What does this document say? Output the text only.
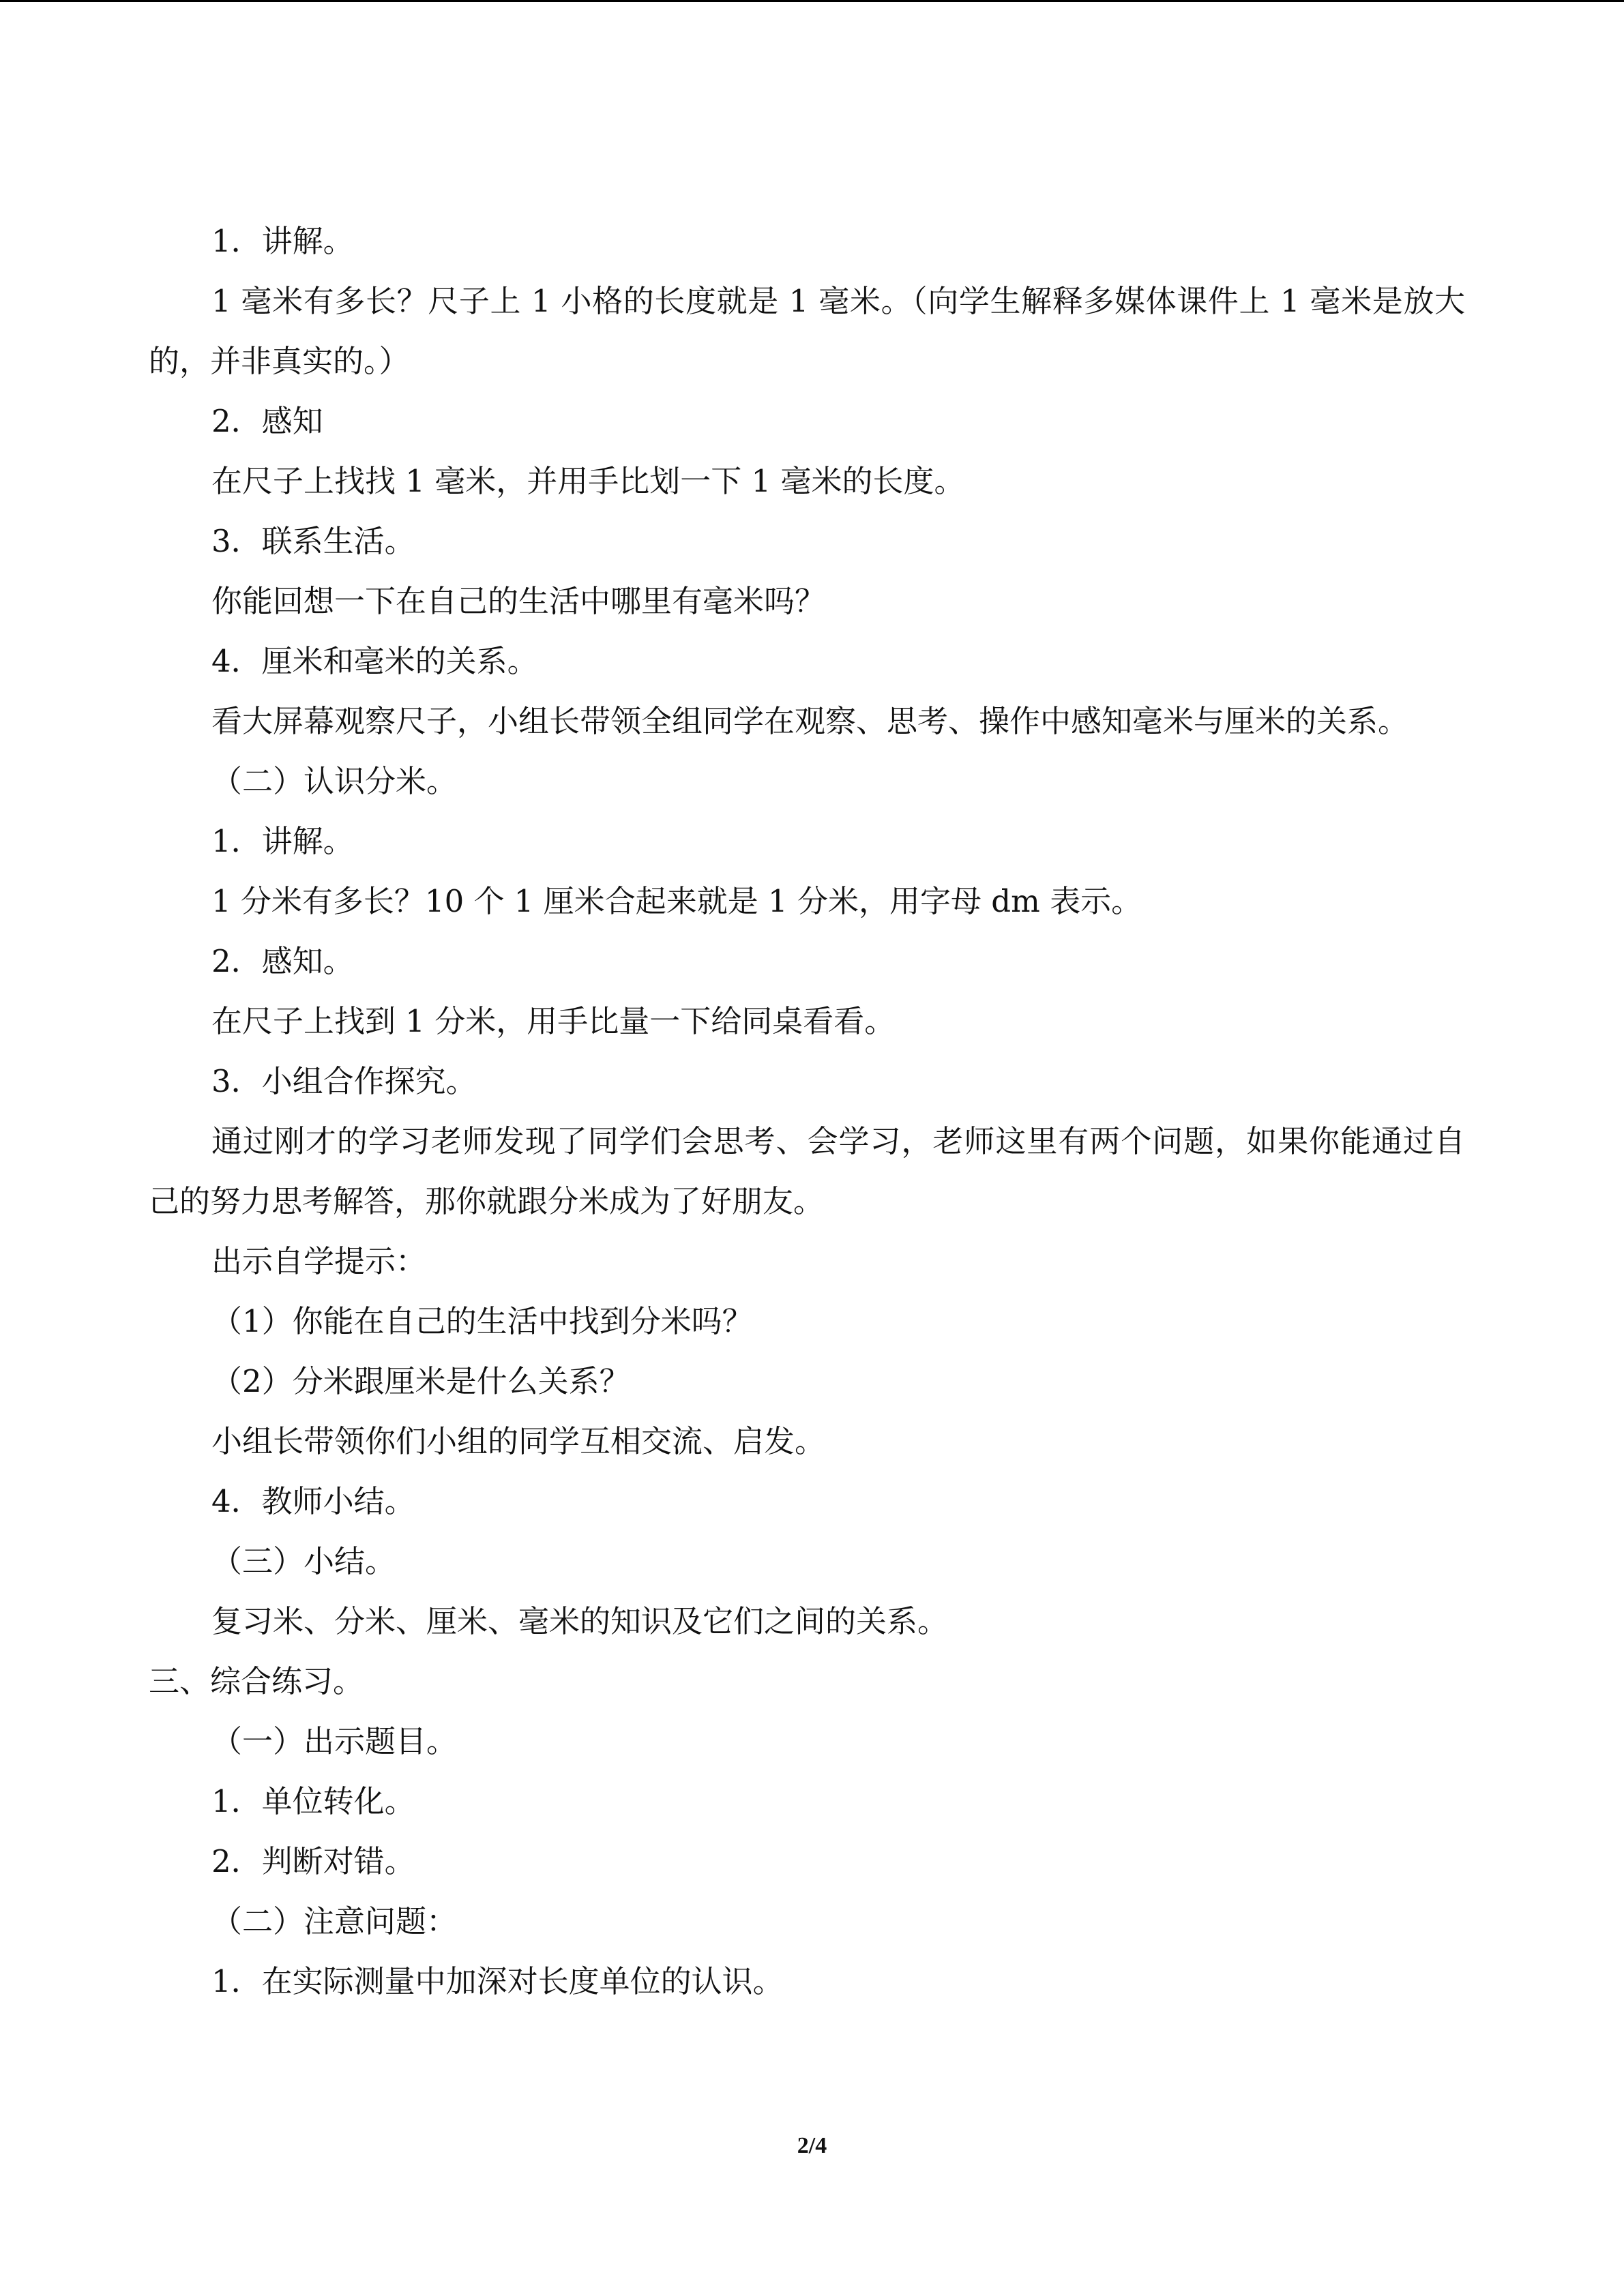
1．讲解。

1 毫米有多长？尺子上 1 小格的长度就是 1 毫米。（向学生解释多媒体课件上 1 毫米是放大的，并非真实的。）

2．感知

在尺子上找找 1 毫米，并用手比划一下 1 毫米的长度。

3．联系生活。

你能回想一下在自己的生活中哪里有毫米吗？

4．厘米和毫米的关系。

看大屏幕观察尺子，小组长带领全组同学在观察、思考、操作中感知毫米与厘米的关系。

（二）认识分米。

1．讲解。

1 分米有多长？10 个 1 厘米合起来就是 1 分米，用字母 dm 表示。

2．感知。

在尺子上找到 1 分米，用手比量一下给同桌看看。

3．小组合作探究。

通过刚才的学习老师发现了同学们会思考、会学习，老师这里有两个问题，如果你能通过自己的努力思考解答，那你就跟分米成为了好朋友。

出示自学提示：

（1）你能在自己的生活中找到分米吗？

（2）分米跟厘米是什么关系？

小组长带领你们小组的同学互相交流、启发。

4．教师小结。

（三）小结。

复习米、分米、厘米、毫米的知识及它们之间的关系。

三、综合练习。

（一）出示题目。

1．单位转化。

2．判断对错。

（二）注意问题：

1．在实际测量中加深对长度单位的认识。

2/4
